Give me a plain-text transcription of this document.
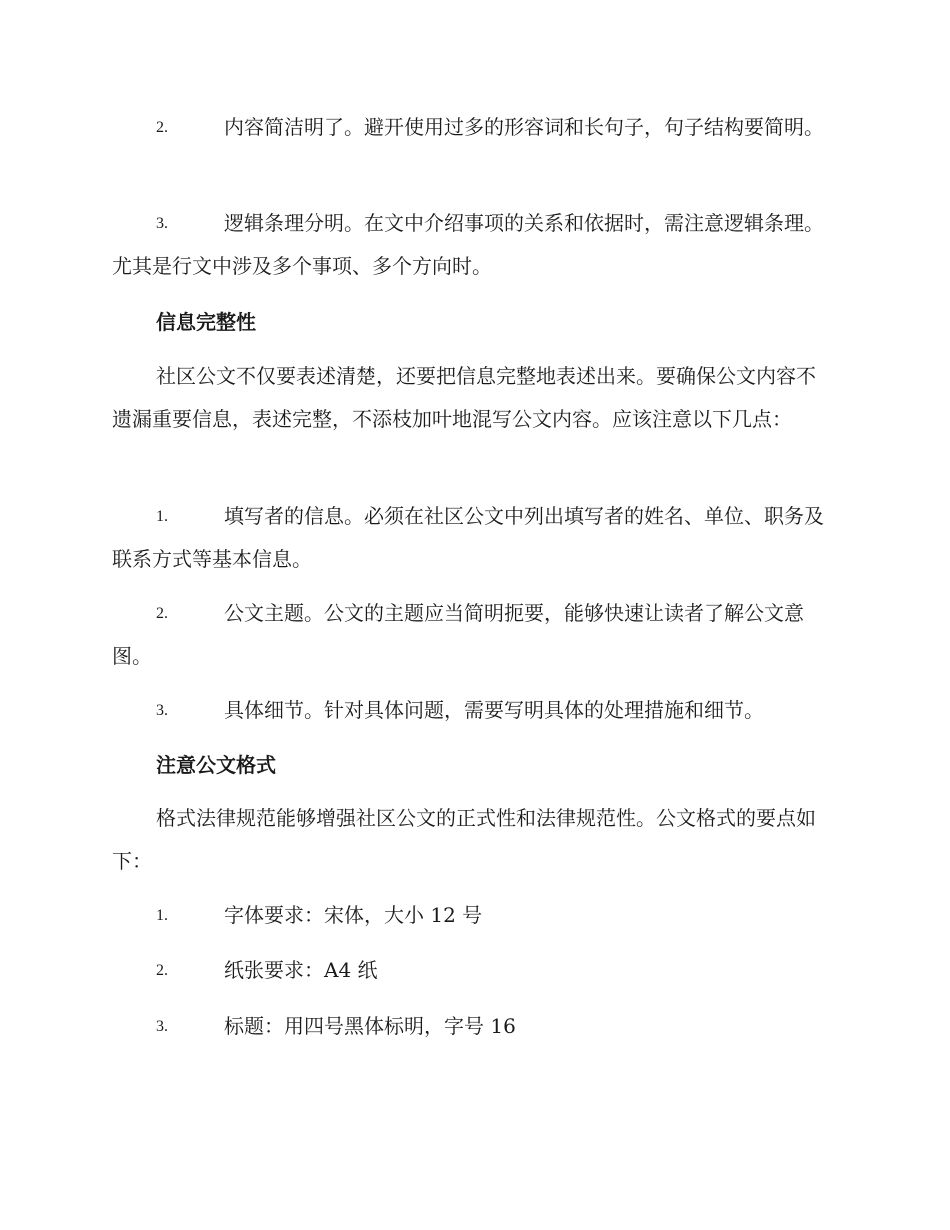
2.	内容简洁明了。避开使用过多的形容词和长句子，句子结构要简明。

3.	逻辑条理分明。在文中介绍事项的关系和依据时，需注意逻辑条理。尤其是行文中涉及多个事项、多个方向时。

信息完整性

社区公文不仅要表述清楚，还要把信息完整地表述出来。要确保公文内容不遗漏重要信息，表述完整，不添枝加叶地混写公文内容。应该注意以下几点：

1.	填写者的信息。必须在社区公文中列出填写者的姓名、单位、职务及联系方式等基本信息。

2.	公文主题。公文的主题应当简明扼要，能够快速让读者了解公文意图。

3.	具体细节。针对具体问题，需要写明具体的处理措施和细节。

注意公文格式

格式法律规范能够增强社区公文的正式性和法律规范性。公文格式的要点如下：

1.	字体要求：宋体，大小 12 号

2.	纸张要求：A4 纸

3.	标题：用四号黑体标明，字号 16
